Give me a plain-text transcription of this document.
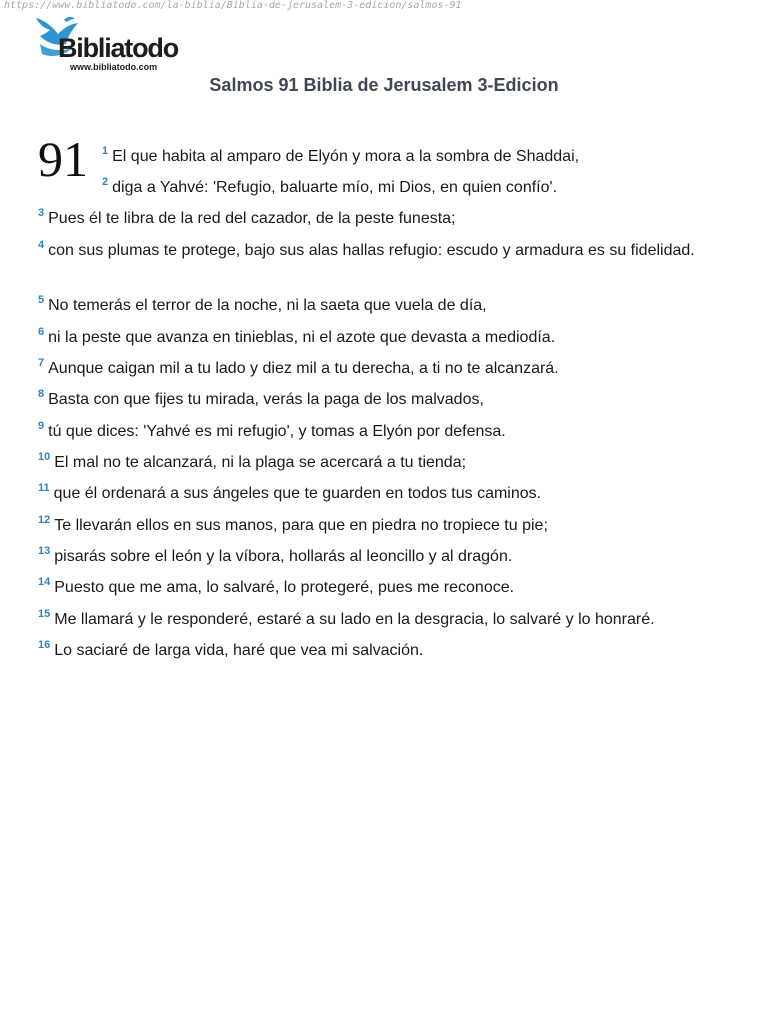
https://www.bibliatodo.com/la-biblia/Biblia-de-jerusalem-3-edicion/salmos-91
Bibliatodo
www.bibliatodo.com
Salmos 91 Biblia de Jerusalem 3-Edicion
91 1 El que habita al amparo de Elyón y mora a la sombra de Shaddai,
2 diga a Yahvé: 'Refugio, baluarte mío, mi Dios, en quien confío'.
3 Pues él te libra de la red del cazador, de la peste funesta;
4 con sus plumas te protege, bajo sus alas hallas refugio: escudo y armadura es su fidelidad.
5 No temerás el terror de la noche, ni la saeta que vuela de día,
6 ni la peste que avanza en tinieblas, ni el azote que devasta a mediodía.
7 Aunque caigan mil a tu lado y diez mil a tu derecha, a ti no te alcanzará.
8 Basta con que fijes tu mirada, verás la paga de los malvados,
9 tú que dices: 'Yahvé es mi refugio', y tomas a Elyón por defensa.
10 El mal no te alcanzará, ni la plaga se acercará a tu tienda;
11 que él ordenará a sus ángeles que te guarden en todos tus caminos.
12 Te llevarán ellos en sus manos, para que en piedra no tropiece tu pie;
13 pisarás sobre el león y la víbora, hollarás al leoncillo y al dragón.
14 Puesto que me ama, lo salvaré, lo protegeré, pues me reconoce.
15 Me llamará y le responderé, estaré a su lado en la desgracia, lo salvaré y lo honraré.
16 Lo saciaré de larga vida, haré que vea mi salvación.
